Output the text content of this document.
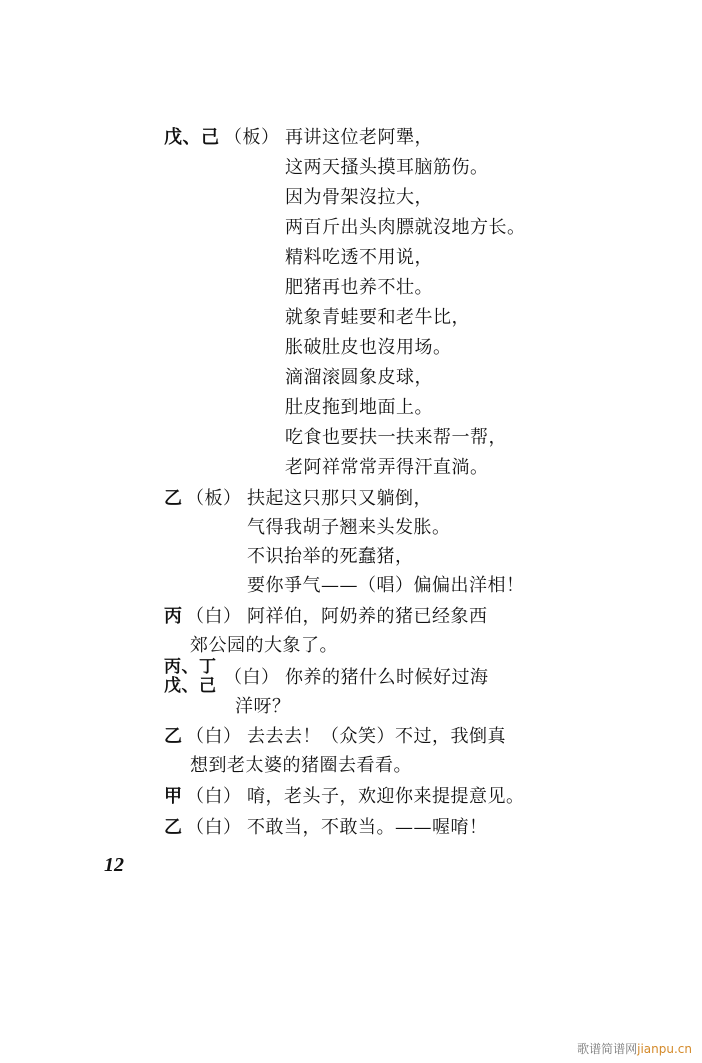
戊、己 （板） 再讲这位老阿犟，
这两天搔头摸耳脑筋伤。
因为骨架沒拉大，
两百斤出头肉膘就沒地方长。
精料吃透不用说，
肥猪再也养不壮。
就象青蛙要和老牛比，
胀破肚皮也沒用场。
滴溜滚圆象皮球，
肚皮拖到地面上。
吃食也要扶一扶来帮一帮，
老阿祥常常弄得汗直淌。
乙 （板） 扶起这只那只又躺倒，
气得我胡子翘来头发胀。
不识抬举的死蠢猪，
要你爭气——（唱）偏偏出洋相！
丙 （白） 阿祥伯，阿奶养的猪已经象西
郊公园的大象了。
丙、丁
戊、己 （白） 你养的猪什么时候好过海
洋呀？
乙 （白） 去去去！（众笑）不过，我倒真
想到老太婆的猪圈去看看。
甲 （白） 唷，老头子，欢迎你来提提意见。
乙 （白） 不敢当，不敢当。——喔唷！
12
歌谱简谱网jianpu.cn
